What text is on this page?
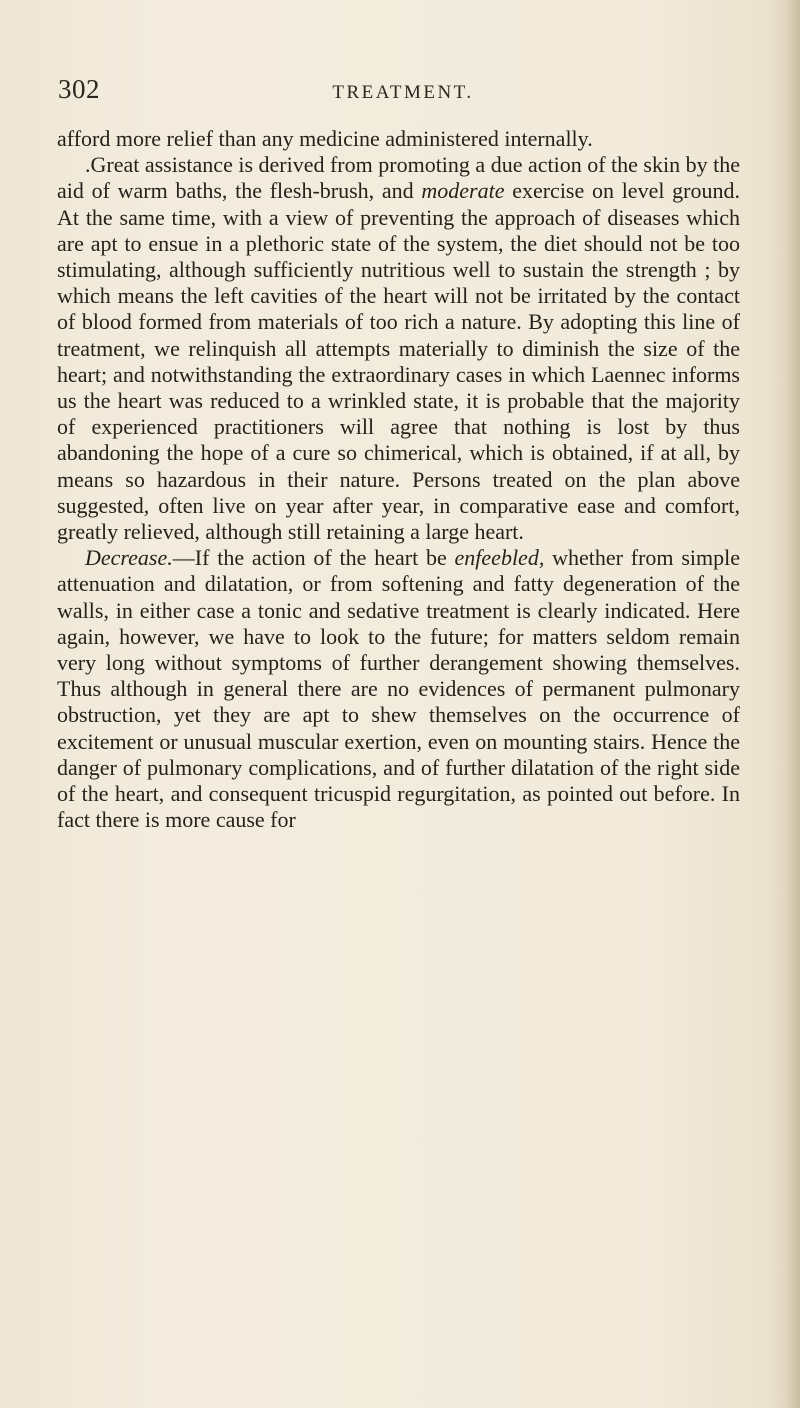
302	TREATMENT.

afford more relief than any medicine administered internally.

.Great assistance is derived from promoting a due action of the skin by the aid of warm baths, the flesh-brush, and moderate exercise on level ground. At the same time, with a view of preventing the approach of diseases which are apt to ensue in a plethoric state of the system, the diet should not be too stimulating, although sufficiently nutritious well to sustain the strength ; by which means the left cavities of the heart will not be irritated by the contact of blood formed from materials of too rich a nature. By adopting this line of treatment, we relinquish all attempts materially to diminish the size of the heart; and notwithstanding the extraordinary cases in which Laennec informs us the heart was reduced to a wrinkled state, it is probable that the majority of experienced practitioners will agree that nothing is lost by thus abandoning the hope of a cure so chimerical, which is obtained, if at all, by means so hazardous in their nature. Persons treated on the plan above suggested, often live on year after year, in comparative ease and comfort, greatly relieved, although still retaining a large heart.

Decrease.—If the action of the heart be enfeebled, whether from simple attenuation and dilatation, or from softening and fatty degeneration of the walls, in either case a tonic and sedative treatment is clearly indicated. Here again, however, we have to look to the future; for matters seldom remain very long without symptoms of further derangement showing themselves. Thus although in general there are no evidences of permanent pulmonary obstruction, yet they are apt to shew themselves on the occurrence of excitement or unusual muscular exertion, even on mounting stairs. Hence the danger of pulmonary complications, and of further dilatation of the right side of the heart, and consequent tricuspid regurgitation, as pointed out before. In fact there is more cause for
